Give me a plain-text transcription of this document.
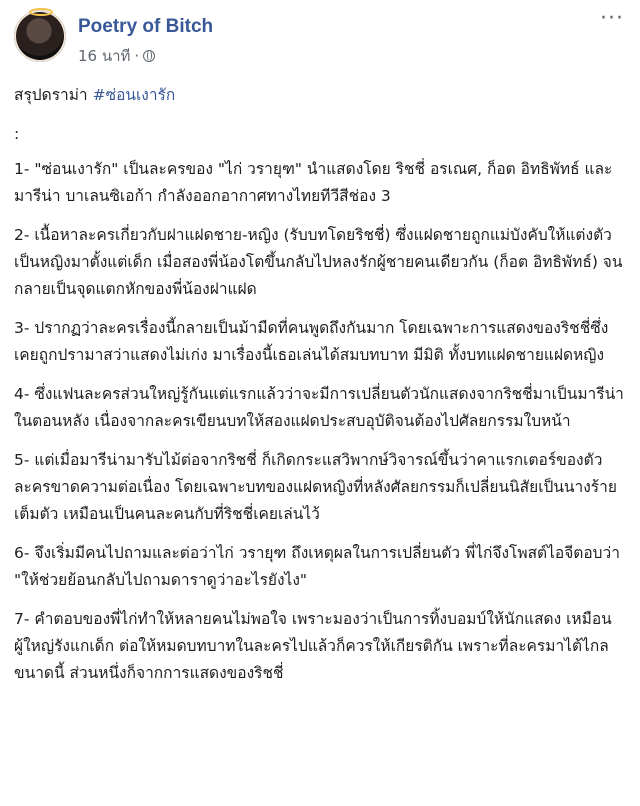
Poetry of Bitch
16 นาที ·
···

สรุปดราม่า #ซ่อนเงารัก

:

1- "ซ่อนเงารัก" เป็นละครของ "ไก่ วรายุฑ" นำแสดงโดย ริชชี่ อรเณศ, ก็อต อิทธิพัทธ์ และมารีน่า บาเลนซิเอก้า กำลังออกอากาศทางไทยทีวีสีช่อง 3

2- เนื้อหาละครเกี่ยวกับฝาแฝดชาย-หญิง (รับบทโดยริชชี่) ซึ่งแฝดชายถูกแม่บังคับให้แต่งตัวเป็นหญิงมาตั้งแต่เด็ก เมื่อสองพี่น้องโตขึ้นกลับไปหลงรักผู้ชายคนเดียวกัน (ก็อต อิทธิพัทธ์) จนกลายเป็นจุดแตกหักของพี่น้องฝาแฝด

3- ปรากฏว่าละครเรื่องนี้กลายเป็นม้ามืดที่คนพูดถึงกันมาก โดยเฉพาะการแสดงของริชชี่ซึ่งเคยถูกปรามาสว่าแสดงไม่เก่ง มาเรื่องนี้เธอเล่นได้สมบทบาท มีมิติ ทั้งบทแฝดชายแฝดหญิง

4- ซึ่งแฟนละครส่วนใหญ่รู้กันแต่แรกแล้วว่าจะมีการเปลี่ยนตัวนักแสดงจากริชชี่มาเป็นมารีน่าในตอนหลัง เนื่องจากละครเขียนบทให้สองแฝดประสบอุบัติจนต้องไปศัลยกรรมใบหน้า

5- แต่เมื่อมารีน่ามารับไม้ต่อจากริชชี่ ก็เกิดกระแสวิพากษ์วิจารณ์ขึ้นว่าคาแรกเตอร์ของตัวละครขาดความต่อเนื่อง โดยเฉพาะบทของแฝดหญิงที่หลังศัลยกรรมก็เปลี่ยนนิสัยเป็นนางร้ายเต็มตัว เหมือนเป็นคนละคนกับที่ริชชี่เคยเล่นไว้

6- จึงเริ่มมีคนไปถามและต่อว่าไก่ วรายุฑ ถึงเหตุผลในการเปลี่ยนตัว พี่ไก่จึงโพสต์ไอจีตอบว่า "ให้ช่วยย้อนกลับไปถามดาราดูว่าอะไรยังไง"

7- คำตอบของพี่ไก่ทำให้หลายคนไม่พอใจ เพราะมองว่าเป็นการทิ้งบอมบ์ให้นักแสดง เหมือนผู้ใหญ่รังแกเด็ก ต่อให้หมดบทบาทในละครไปแล้วก็ควรให้เกียรติกัน เพราะที่ละครมาไต้ไกลขนาดนี้ ส่วนหนึ่งก็จากการแสดงของริชชี่
